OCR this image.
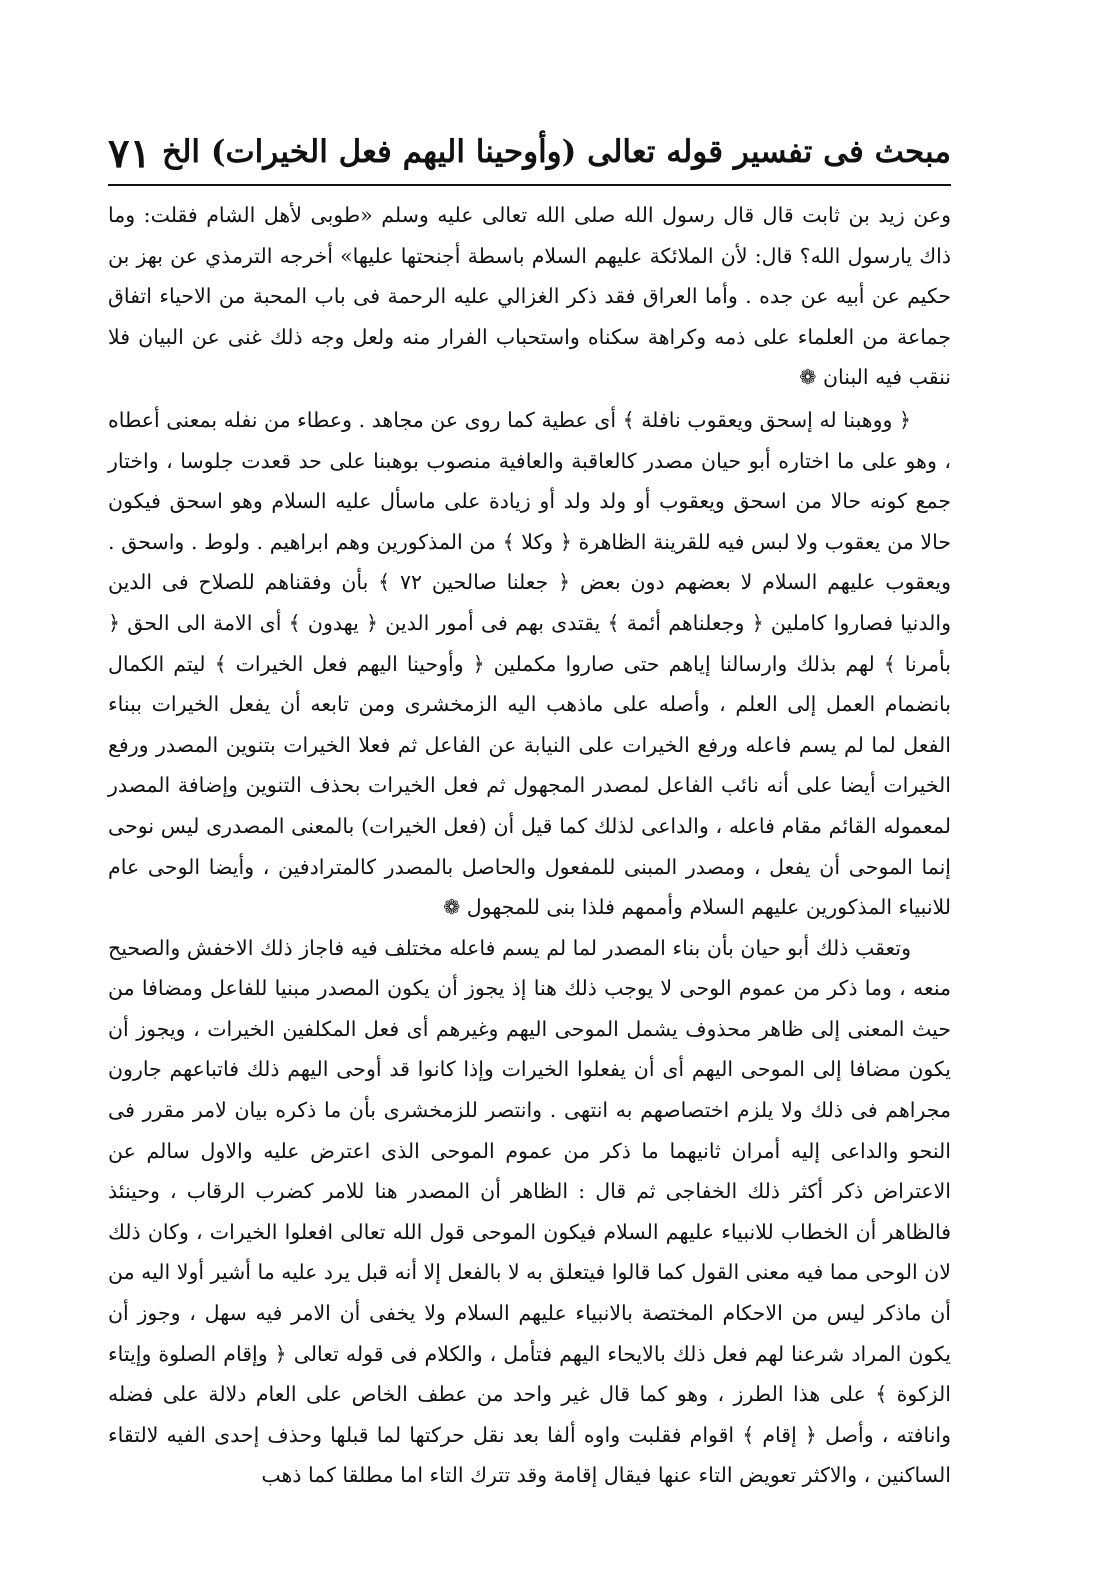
مبحث فى تفسير قوله تعالى (وأوحينا اليهم فعل الخيرات) الخ
٧١

وعن زيد بن ثابت قال قال رسول الله صلى الله تعالى عليه وسلم «طوبى لأهل الشام فقلت: وما ذاك يارسول الله؟ قال: لأن الملائكة عليهم السلام باسطة أجنحتها عليها» أخرجه الترمذي عن بهز بن حكيم عن أبيه عن جده . وأما العراق فقد ذكر الغزالي عليه الرحمة فى باب المحبة من الاحياء اتفاق جماعة من العلماء على ذمه وكراهة سكناه واستحباب الفرار منه ولعل وجه ذلك غنى عن البيان فلا ننقب فيه البنان ❁

﴿ ووهبنا له إسحق ويعقوب نافلة ﴾ أى عطية كما روى عن مجاهد . وعطاء من نفله بمعنى أعطاه ، وهو على ما اختاره أبو حيان مصدر كالعاقبة والعافية منصوب بوهبنا على حد قعدت جلوسا ، واختار جمع كونه حالا من اسحق ويعقوب أو ولد ولد أو زيادة على ماسأل عليه السلام وهو اسحق فيكون حالا من يعقوب ولا لبس فيه للقرينة الظاهرة ﴿ وكلا ﴾ من المذكورين وهم ابراهيم . ولوط . واسحق . ويعقوب عليهم السلام لا بعضهم دون بعض ﴿ جعلنا صالحين ٧٢ ﴾ بأن وفقناهم للصلاح فى الدين والدنيا فصاروا كاملين ﴿ وجعلناهم أئمة ﴾ يقتدى بهم فى أمور الدين ﴿ يهدون ﴾ أى الامة الى الحق ﴿ بأمرنا ﴾ لهم بذلك وارسالنا إياهم حتى صاروا مكملين ﴿ وأوحينا اليهم فعل الخيرات ﴾ ليتم الكمال بانضمام العمل إلى العلم ، وأصله على ماذهب اليه الزمخشرى ومن تابعه أن يفعل الخيرات ببناء الفعل لما لم يسم فاعله ورفع الخيرات على النيابة عن الفاعل ثم فعلا الخيرات بتنوين المصدر ورفع الخيرات أيضا على أنه نائب الفاعل لمصدر المجهول ثم فعل الخيرات بحذف التنوين وإضافة المصدر لمعموله القائم مقام فاعله ، والداعى لذلك كما قيل أن (فعل الخيرات) بالمعنى المصدرى ليس نوحى إنما الموحى أن يفعل ، ومصدر المبنى للمفعول والحاصل بالمصدر كالمترادفين ، وأيضا الوحى عام للانبياء المذكورين عليهم السلام وأممهم فلذا بنى للمجهول ❁

وتعقب ذلك أبو حيان بأن بناء المصدر لما لم يسم فاعله مختلف فيه فاجاز ذلك الاخفش والصحيح منعه ، وما ذكر من عموم الوحى لا يوجب ذلك هنا إذ يجوز أن يكون المصدر مبنيا للفاعل ومضافا من حيث المعنى إلى ظاهر محذوف يشمل الموحى اليهم وغيرهم أى فعل المكلفين الخيرات ، ويجوز أن يكون مضافا إلى الموحى اليهم أى أن يفعلوا الخيرات وإذا كانوا قد أوحى اليهم ذلك فاتباعهم جارون مجراهم فى ذلك ولا يلزم اختصاصهم به انتهى . وانتصر للزمخشرى بأن ما ذكره بيان لامر مقرر فى النحو والداعى إليه أمران ثانيهما ما ذكر من عموم الموحى الذى اعترض عليه والاول سالم عن الاعتراض ذكر أكثر ذلك الخفاجى ثم قال : الظاهر أن المصدر هنا للامر كضرب الرقاب ، وحينئذ فالظاهر أن الخطاب للانبياء عليهم السلام فيكون الموحى قول الله تعالى افعلوا الخيرات ، وكان ذلك لان الوحى مما فيه معنى القول كما قالوا فيتعلق به لا بالفعل إلا أنه قبل يرد عليه ما أشير أولا اليه من أن ماذكر ليس من الاحكام المختصة بالانبياء عليهم السلام ولا يخفى أن الامر فيه سهل ، وجوز أن يكون المراد شرعنا لهم فعل ذلك بالايحاء اليهم فتأمل ، والكلام فى قوله تعالى ﴿ وإقام الصلوة وإيتاء الزكوة ﴾ على هذا الطرز ، وهو كما قال غير واحد من عطف الخاص على العام دلالة على فضله وانافته ، وأصل ﴿ إقام ﴾ اقوام فقلبت واوه ألفا بعد نقل حركتها لما قبلها وحذف إحدى الفيه لالتقاء الساكنين ، والاكثر تعويض التاء عنها فيقال إقامة وقد تترك التاء اما مطلقا كما ذهب
